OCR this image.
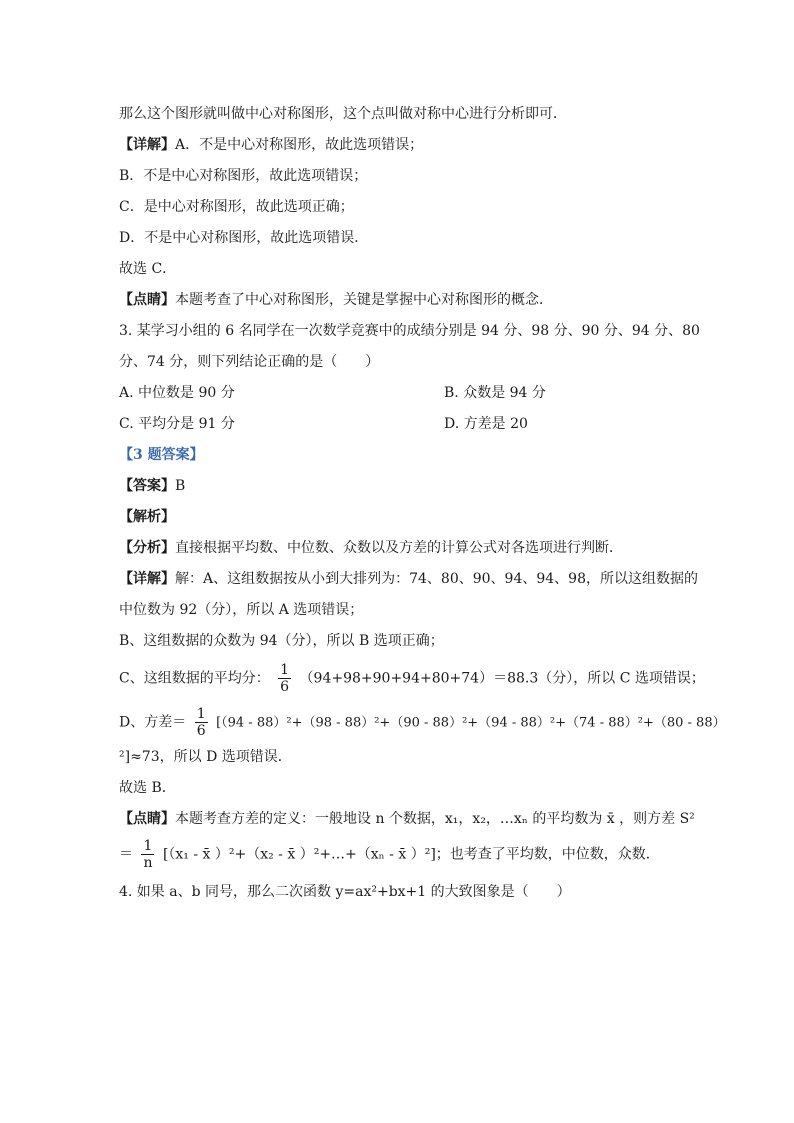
那么这个图形就叫做中心对称图形，这个点叫做对称中心进行分析即可．
【详解】A．不是中心对称图形，故此选项错误；
B．不是中心对称图形，故此选项错误；
C．是中心对称图形，故此选项正确；
D．不是中心对称图形，故此选项错误．
故选 C．
【点睛】本题考查了中心对称图形，关键是掌握中心对称图形的概念．
3. 某学习小组的 6 名同学在一次数学竞赛中的成绩分别是 94 分、98 分、90 分、94 分、80
分、74 分，则下列结论正确的是（　　）
A. 中位数是 90 分	B. 众数是 94 分
C. 平均分是 91 分	D. 方差是 20
【3 题答案】
【答案】B
【解析】
【分析】直接根据平均数、中位数、众数以及方差的计算公式对各选项进行判断．
【详解】解：A、这组数据按从小到大排列为：74、80、90、94、94、98，所以这组数据的
中位数为 92（分），所以 A 选项错误；
B、这组数据的众数为 94（分），所以 B 选项正确；
C、这组数据的平均分： $\frac{1}{6} (94+98+90+94+80+74)=88.3$（分），所以 C 选项错误；
D、方差＝ $\frac{1}{6} [(94 - 88)^2+(98 - 88)^2+(90 - 88)^2+(94 - 88)^2+(74 - 88)^2+(80 - 88)$
²]≈73，所以 D 选项错误．
故选 B．
【点睛】本题考查方差的定义：一般地设 n 个数据，x₁，x₂，…xₙ 的平均数为 x̄ ，则方差 S²
＝ $\frac{1}{n} [(x_1$ - x̄ ）²+（x₂ - x̄ ）²+…+（xₙ - x̄ ）²]；也考查了平均数，中位数，众数．
4. 如果 a、b 同号，那么二次函数 y=ax²+bx+1 的大致图象是（　　）
